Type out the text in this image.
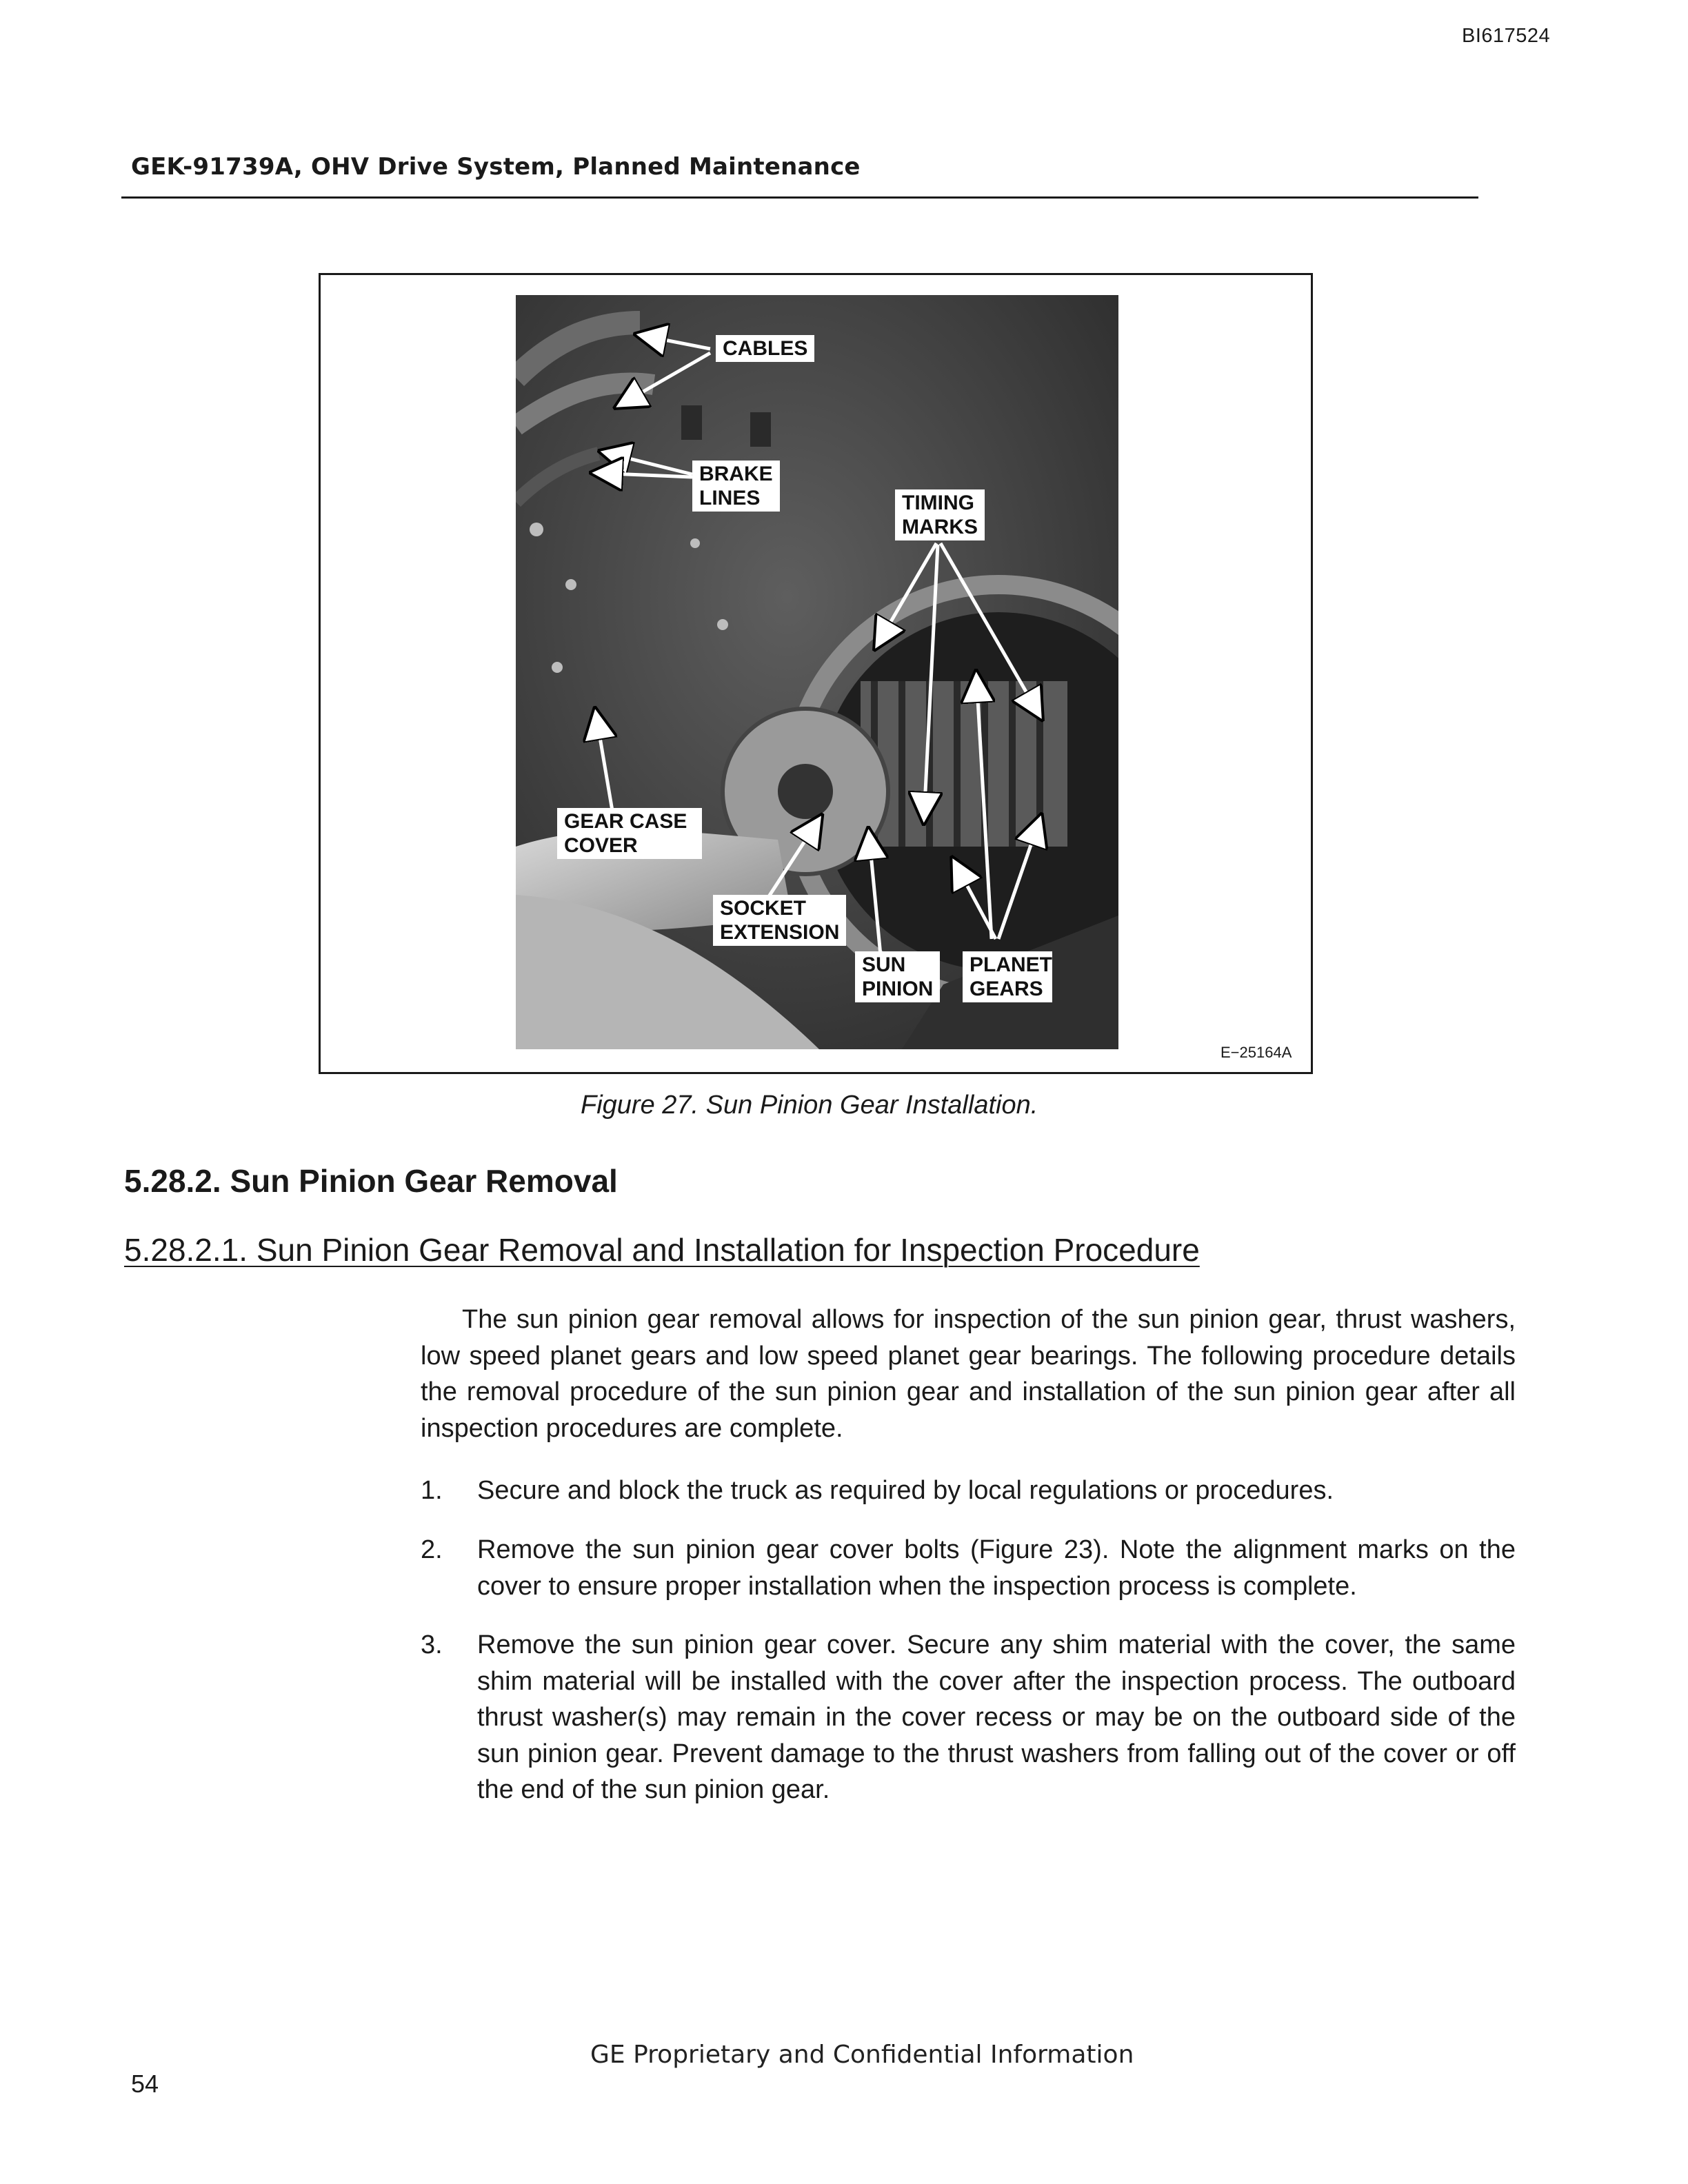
BI617524
GEK-91739A, OHV Drive System, Planned Maintenance
CABLES
BRAKE
LINES	TIMING
MARKS
GEAR CASE
COVER
SOCKET
EXTENSION
SUN
PINION
PLANET
GEARS
E−25164A
Figure 27. Sun Pinion Gear Installation.
5.28.2. Sun Pinion Gear Removal
5.28.2.1. Sun Pinion Gear Removal and Installation for Inspection Procedure
The sun pinion gear removal allows for inspection of the sun pinion gear, thrust washers, low speed planet gears and low speed planet gear bearings. The following procedure details the removal procedure of the sun pinion gear and installation of the sun pinion gear after all inspection procedures are complete.
1. Secure and block the truck as required by local regulations or procedures.
2. Remove the sun pinion gear cover bolts (Figure 23). Note the alignment marks on the cover to ensure proper installation when the inspection process is complete.
3. Remove the sun pinion gear cover. Secure any shim material with the cover, the same shim material will be installed with the cover after the inspection process. The outboard thrust washer(s) may remain in the cover recess or may be on the outboard side of the sun pinion gear. Prevent damage to the thrust washers from falling out of the cover or off the end of the sun pinion gear.
GE Proprietary and Confidential Information
54
